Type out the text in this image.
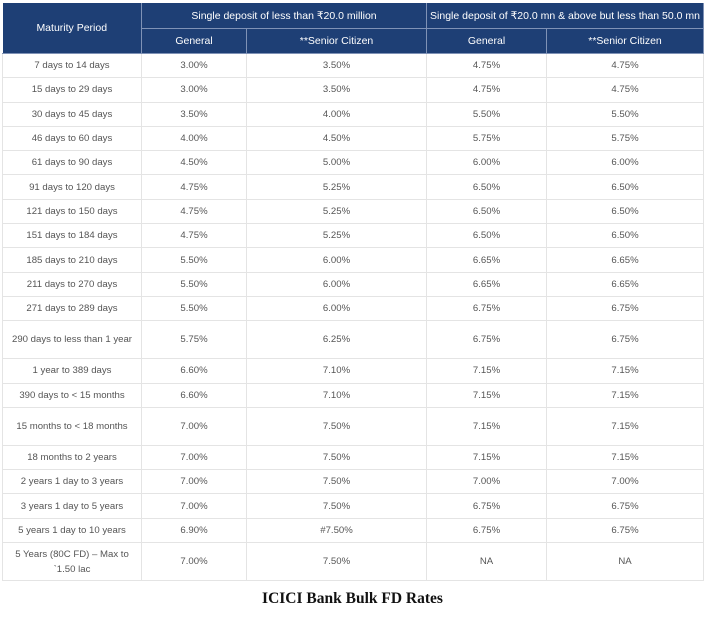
Maturity Period	Single deposit of less than ₹20.0 million		Single deposit of ₹20.0 mn & above but less than 50.0 mn	
	General	**Senior Citizen	General	**Senior Citizen
7 days to 14 days	3.00%	3.50%	4.75%	4.75%
15 days to 29 days	3.00%	3.50%	4.75%	4.75%
30 days to 45 days	3.50%	4.00%	5.50%	5.50%
46 days to 60 days	4.00%	4.50%	5.75%	5.75%
61 days to 90 days	4.50%	5.00%	6.00%	6.00%
91 days to 120 days	4.75%	5.25%	6.50%	6.50%
121 days to 150 days	4.75%	5.25%	6.50%	6.50%
151 days to 184 days	4.75%	5.25%	6.50%	6.50%
185 days to 210 days	5.50%	6.00%	6.65%	6.65%
211 days to 270 days	5.50%	6.00%	6.65%	6.65%
271 days to 289 days	5.50%	6.00%	6.75%	6.75%
290 days to less than 1 year	5.75%	6.25%	6.75%	6.75%
1 year to 389 days	6.60%	7.10%	7.15%	7.15%
390 days to < 15 months	6.60%	7.10%	7.15%	7.15%
15 months to < 18 months	7.00%	7.50%	7.15%	7.15%
18 months to 2 years	7.00%	7.50%	7.15%	7.15%
2 years 1 day to 3 years	7.00%	7.50%	7.00%	7.00%
3 years 1 day to 5 years	7.00%	7.50%	6.75%	6.75%
5 years 1 day to 10 years	6.90%	#7.50%	6.75%	6.75%
5 Years (80C FD) – Max to `1.50 lac	7.00%	7.50%	NA	NA
ICICI Bank Bulk FD Rates
